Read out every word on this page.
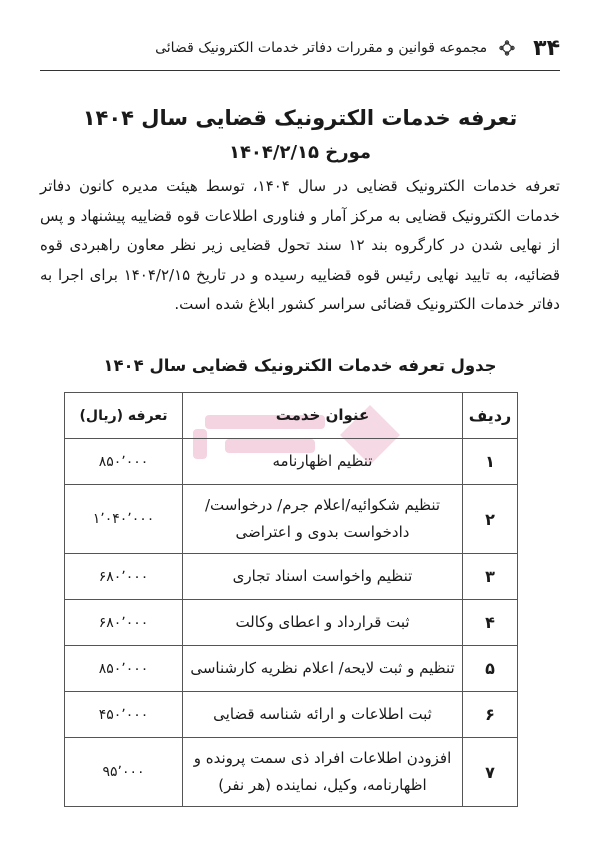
۳۴
مجموعه قوانین و مقررات دفاتر خدمات الکترونیک قضائی
تعرفه خدمات الکترونیک قضایی سال ۱۴۰۴
مورخ ۱۴۰۴/۲/۱۵

تعرفه خدمات الکترونیک قضایی در سال ۱۴۰۴، توسط هیئت مدیره کانون دفاتر خدمات الکترونیک قضایی به مرکز آمار و فناوری اطلاعات قوه قضاییه پیشنهاد و پس از نهایی شدن در کارگروه بند ۱۲ سند تحول قضایی زیر نظر معاون راهبردی قوه قضائیه، به تایید نهایی رئیس قوه قضاییه رسیده و در تاریخ ۱۴۰۴/۲/۱۵ برای اجرا به دفاتر خدمات الکترونیک قضائی سراسر کشور ابلاغ شده است.

جدول تعرفه خدمات الکترونیک قضایی سال ۱۴۰۴
ردیف	عنوان خدمت	تعرفه (ریال)
۱	تنظیم اظهارنامه	۸۵۰٬۰۰۰
۲	تنظیم شکوائیه/اعلام جرم/ درخواست/ دادخواست بدوی و اعتراضی	۱٬۰۴۰٬۰۰۰
۳	تنظیم واخواست اسناد تجاری	۶۸۰٬۰۰۰
۴	ثبت قرارداد و اعطای وکالت	۶۸۰٬۰۰۰
۵	تنظیم و ثبت لایحه/ اعلام نظریه کارشناسی	۸۵۰٬۰۰۰
۶	ثبت اطلاعات و ارائه شناسه قضایی	۴۵۰٬۰۰۰
۷	افزودن اطلاعات افراد ذی سمت پرونده و اظهارنامه، وکیل، نماینده (هر نفر)	۹۵٬۰۰۰
